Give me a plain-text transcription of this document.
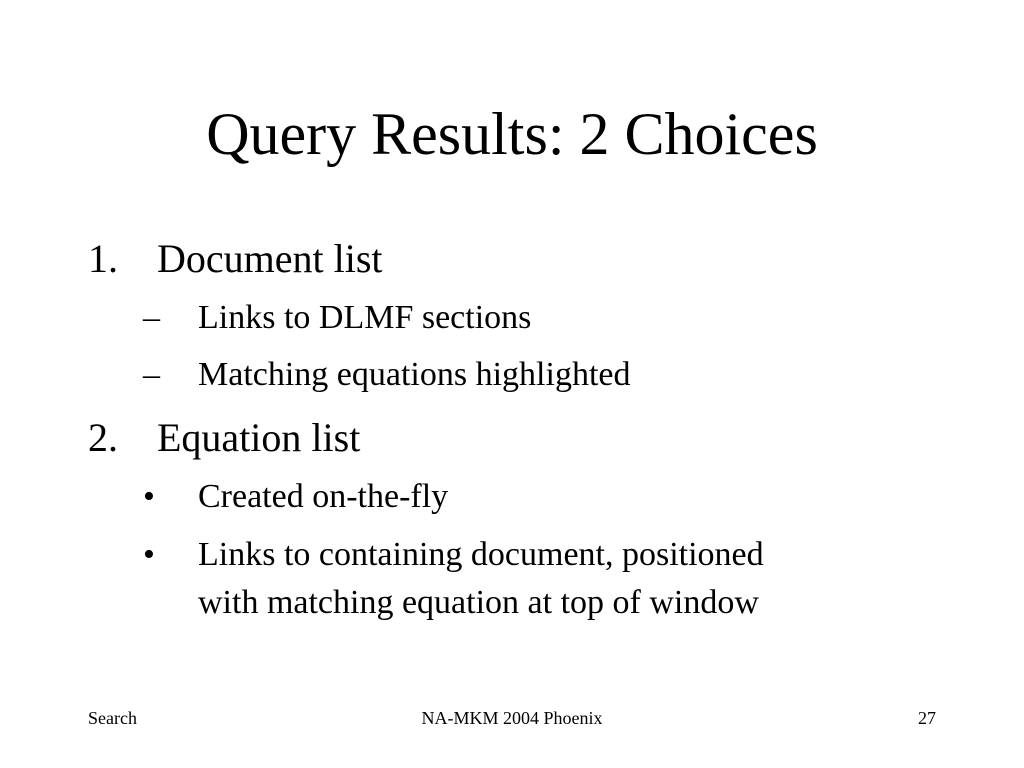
Query Results: 2 Choices
1. Document list
– Links to DLMF sections
– Matching equations highlighted
2. Equation list
• Created on-the-fly
• Links to containing document, positioned
with matching equation at top of window
Search	NA-MKM 2004 Phoenix	27
